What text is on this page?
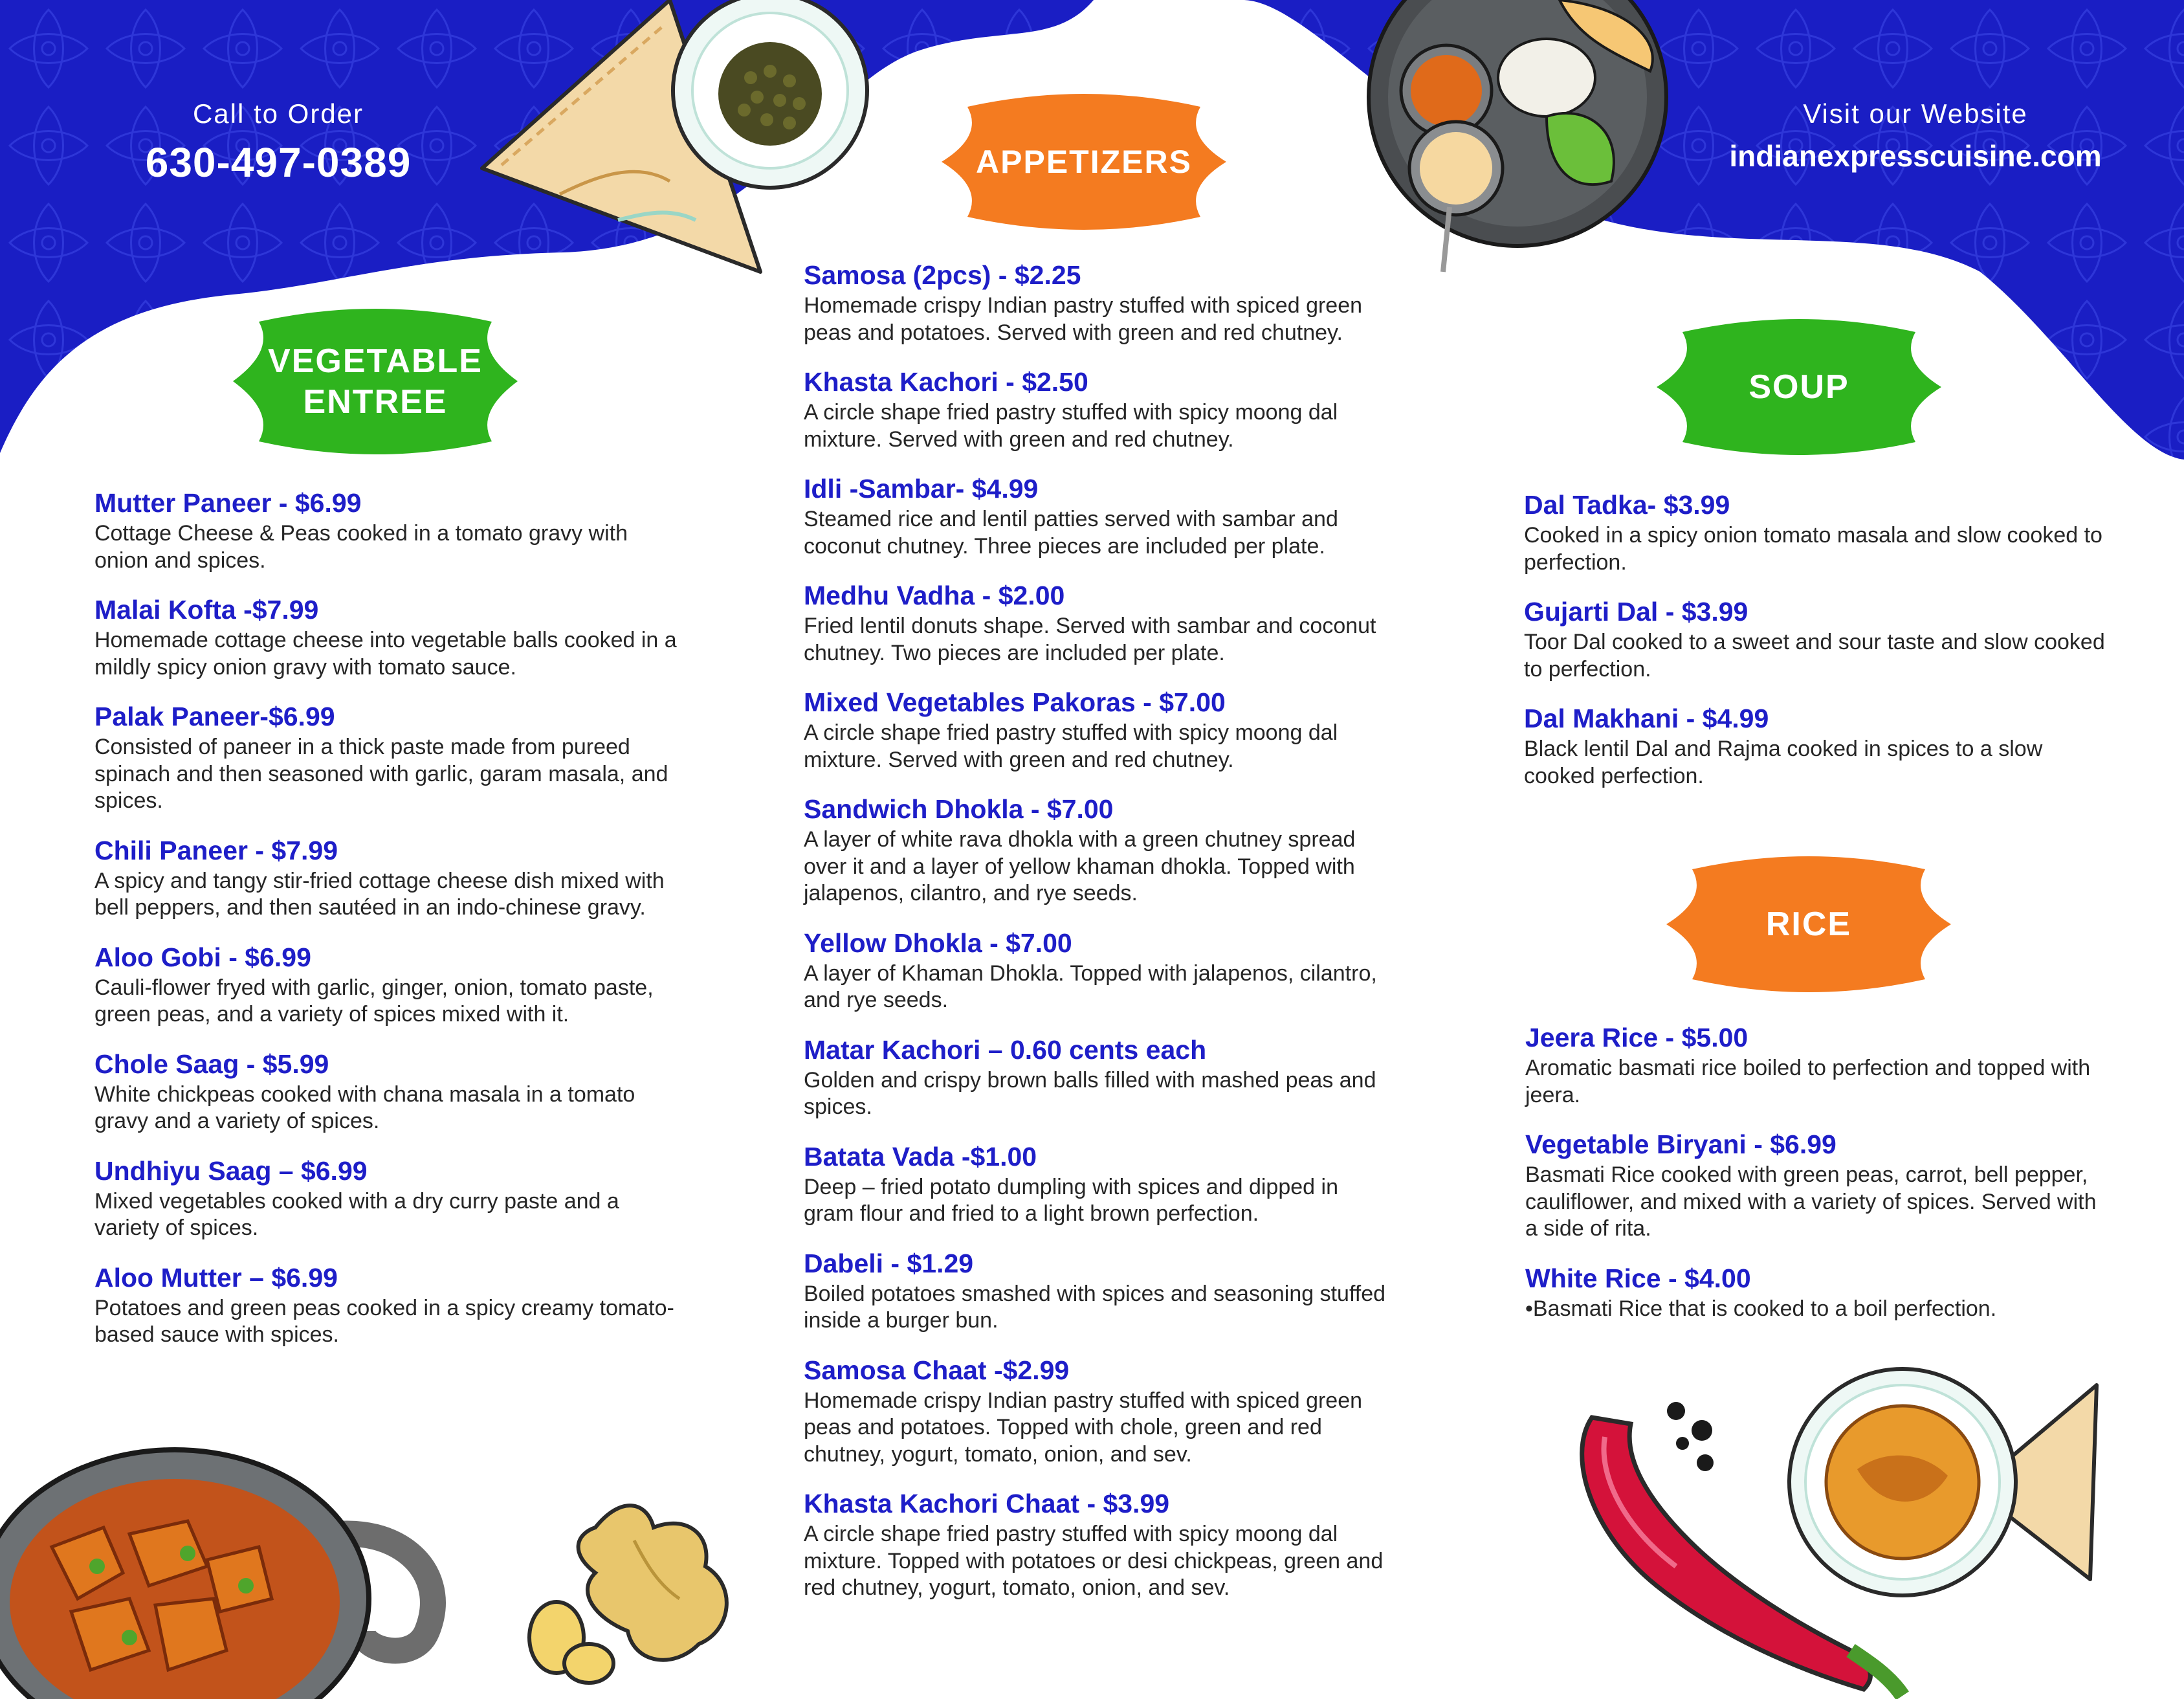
Call to Order
630-497-0389
Visit our Website
indianexpresscuisine.com
VEGETABLE
ENTREE
APPETIZERS
SOUP
RICE
Mutter Paneer - $6.99
Cottage Cheese & Peas cooked in a tomato gravy with onion and spices.
Malai Kofta -$7.99
Homemade cottage cheese into vegetable balls cooked in a mildly spicy onion gravy with tomato sauce.
Palak Paneer-$6.99
Consisted of paneer in a thick paste made from pureed spinach and then seasoned with garlic, garam masala, and spices.
Chili Paneer - $7.99
A spicy and tangy stir-fried cottage cheese dish mixed with bell peppers, and then sautéed in an indo-chinese gravy.
Aloo Gobi - $6.99
Cauli-flower fryed with garlic, ginger, onion, tomato paste, green peas, and a variety of spices mixed with it.
Chole Saag - $5.99
White chickpeas cooked with chana masala in a tomato gravy and a variety of spices.
Undhiyu Saag – $6.99
Mixed vegetables cooked with a dry curry paste and a variety of spices.
Aloo Mutter – $6.99
Potatoes and green peas cooked in a spicy creamy tomato-based sauce with spices.
Samosa (2pcs) - $2.25
Homemade crispy Indian pastry stuffed with spiced green peas and potatoes. Served with green and red chutney.
Khasta Kachori - $2.50
A circle shape fried pastry stuffed with spicy moong dal mixture. Served with green and red chutney.
Idli -Sambar- $4.99
Steamed rice and lentil patties served with sambar and coconut chutney. Three pieces are included per plate.
Medhu Vadha - $2.00
Fried lentil donuts shape. Served with sambar and coconut chutney. Two pieces are included per plate.
Mixed Vegetables Pakoras - $7.00
A circle shape fried pastry stuffed with spicy moong dal mixture. Served with green and red chutney.
Sandwich Dhokla - $7.00
A layer of white rava dhokla with a green chutney spread over it and a layer of yellow khaman dhokla. Topped with jalapenos, cilantro, and rye seeds.
Yellow Dhokla - $7.00
A layer of Khaman Dhokla. Topped with jalapenos, cilantro, and rye seeds.
Matar Kachori – 0.60 cents each
Golden and crispy brown balls filled with mashed peas and spices.
Batata Vada -$1.00
Deep – fried potato dumpling with spices and dipped in gram flour and fried to a light brown perfection.
Dabeli - $1.29
Boiled potatoes smashed with spices and seasoning stuffed inside a burger bun.
Samosa Chaat -$2.99
Homemade crispy Indian pastry stuffed with spiced green peas and potatoes. Topped with chole, green and red chutney, yogurt, tomato, onion, and sev.
Khasta Kachori Chaat - $3.99
A circle shape fried pastry stuffed with spicy moong dal mixture. Topped with potatoes or desi chickpeas, green and red chutney, yogurt, tomato, onion, and sev.
Dal Tadka- $3.99
Cooked in a spicy onion tomato masala and slow cooked to perfection.
Gujarti Dal - $3.99
Toor Dal cooked to a sweet and sour taste and slow cooked to perfection.
Dal Makhani - $4.99
Black lentil Dal and Rajma cooked in spices to a slow cooked perfection.
Jeera Rice - $5.00
Aromatic basmati rice boiled to perfection and topped with jeera.
Vegetable Biryani - $6.99
Basmati Rice cooked with green peas, carrot, bell pepper, cauliflower, and mixed with a variety of spices. Served with a side of rita.
White Rice - $4.00
•Basmati Rice that is cooked to a boil perfection.
